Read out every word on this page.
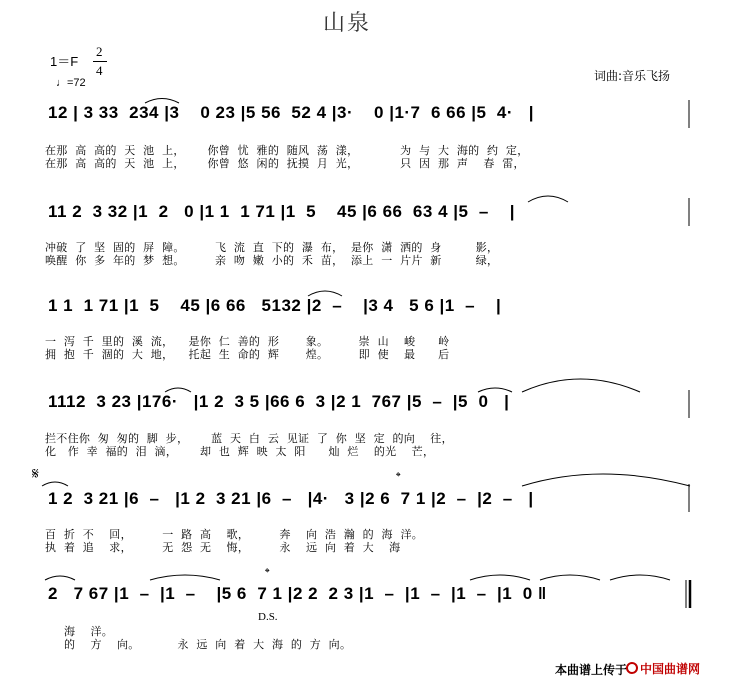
山泉
1＝F
2
4
♩=72	词曲:音乐飞扬
12 | 3 33  234 |3    0 23 |5 56  52 4 |3·    0 |1·7  6 66 |5  4·   |
在那  高  高的  天  池  上，      你曾  忧  雅的  随风  荡  漾，           为  与  大  海的  约  定，
在那  高  高的  天  池  上，      你曾  悠  闲的  抚摸  月  光，           只  因  那  声    春  雷，
11 2  3 32 |1  2   0 |1 1  1 71 |1  5    45 |6 66  63 4 |5  –    |
冲破  了  坚  固的  屏  障。        飞  流  直  下的  瀑  布，  是你  潇  洒的  身         影，
唤醒  你  多  年的  梦  想。        亲  吻  嫩  小的  禾  苗，  添上  一  片片  新         绿，
1 1  1 71 |1  5    45 |6 66   5132 |2  –    |3 4   5 6 |1  –    |
一  泻  千  里的  溪  流，    是你  仁  善的  形       象。        崇  山    峻      岭
拥  抱  千  涸的  大  地，    托起  生  命的  辉       煌。        即  使    最      后
1112  3 23 |176·   |1 2  3 5 |66 6  3 |2 1  767 |5  –  |5  0   |
拦不住你  匆  匆的  脚  步，      蓝  天  白  云  见证  了  你  坚  定  的向    往，
化   作  幸  福的  泪  滴，      却  也  辉  映  太  阳      灿  烂    的光    芒，
𝄋	𝄌
1 2  3 21 |6  –   |1 2  3 21 |6  –   |4·   3 |2 6  7 1 |2  –  |2  –   |
百  折  不    回，        一  路  高    歌，        奔    向  浩  瀚  的  海  洋。
执  着  追    求，        无  怨  无    悔，        永    远  向  着  大    海
𝄌
2   7 67 |1  –  |1  –    |5 6  7 1 |2 2  2 3 |1  –  |1  –  |1  –  |1  0 ‖
D.S.
海    洋。
的    方    向。          永  远  向  着  大  海  的  方  向。
本曲谱上传于 中国曲谱网
